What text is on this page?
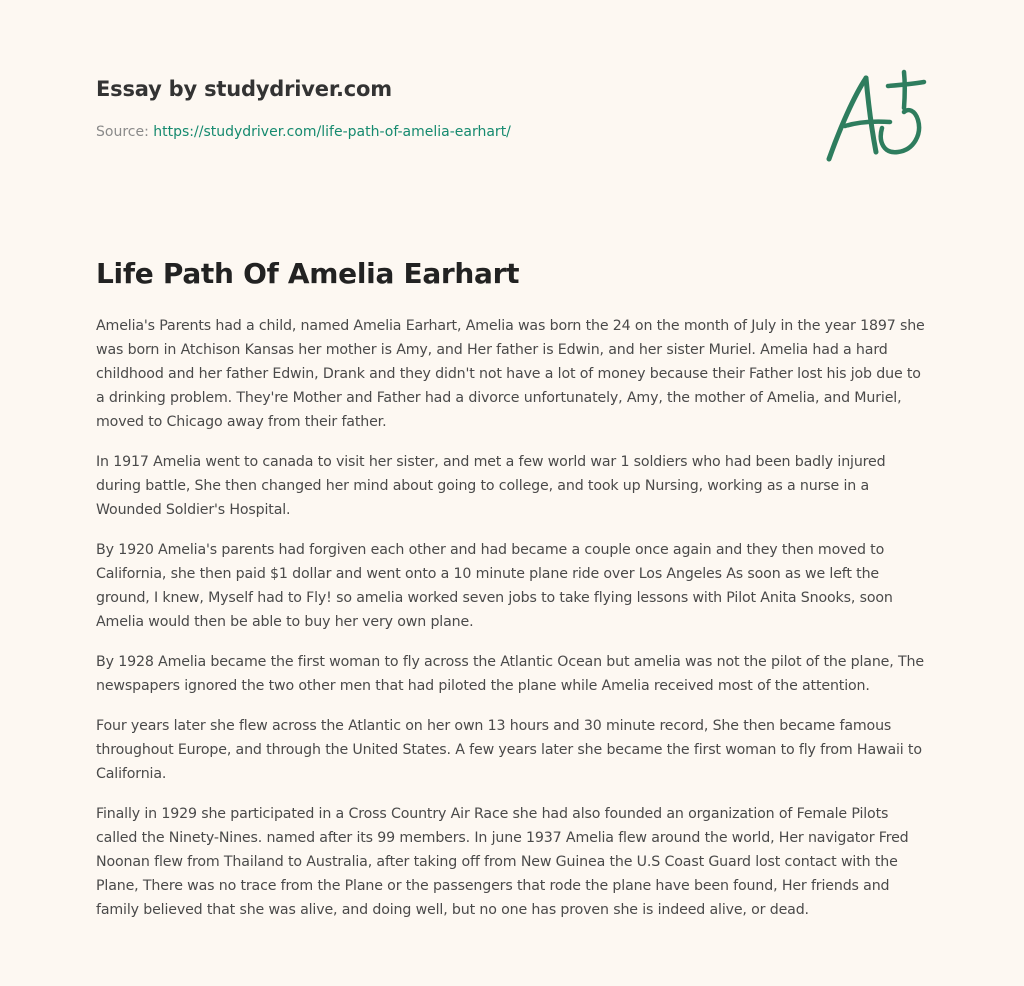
Essay by studydriver.com
Source: https://studydriver.com/life-path-of-amelia-earhart/
Life Path Of Amelia Earhart

Amelia's Parents had a child, named Amelia Earhart, Amelia was born the 24 on the month of July in the year 1897 she was born in Atchison Kansas her mother is Amy, and Her father is Edwin, and her sister Muriel. Amelia had a hard childhood and her father Edwin, Drank and they didn't not have a lot of money because their Father lost his job due to a drinking problem. They're Mother and Father had a divorce unfortunately, Amy, the mother of Amelia, and Muriel, moved to Chicago away from their father.

In 1917 Amelia went to canada to visit her sister, and met a few world war 1 soldiers who had been badly injured during battle, She then changed her mind about going to college, and took up Nursing, working as a nurse in a Wounded Soldier's Hospital.

By 1920 Amelia's parents had forgiven each other and had became a couple once again and they then moved to California, she then paid $1 dollar and went onto a 10 minute plane ride over Los Angeles As soon as we left the ground, I knew, Myself had to Fly! so amelia worked seven jobs to take flying lessons with Pilot Anita Snooks, soon Amelia would then be able to buy her very own plane.

By 1928 Amelia became the first woman to fly across the Atlantic Ocean but amelia was not the pilot of the plane, The newspapers ignored the two other men that had piloted the plane while Amelia received most of the attention.

Four years later she flew across the Atlantic on her own 13 hours and 30 minute record, She then became famous throughout Europe, and through the United States. A few years later she became the first woman to fly from Hawaii to California.

Finally in 1929 she participated in a Cross Country Air Race she had also founded an organization of Female Pilots called the Ninety-Nines. named after its 99 members. In june 1937 Amelia flew around the world, Her navigator Fred Noonan flew from Thailand to Australia, after taking off from New Guinea the U.S Coast Guard lost contact with the Plane, There was no trace from the Plane or the passengers that rode the plane have been found, Her friends and family believed that she was alive, and doing well, but no one has proven she is indeed alive, or dead.
